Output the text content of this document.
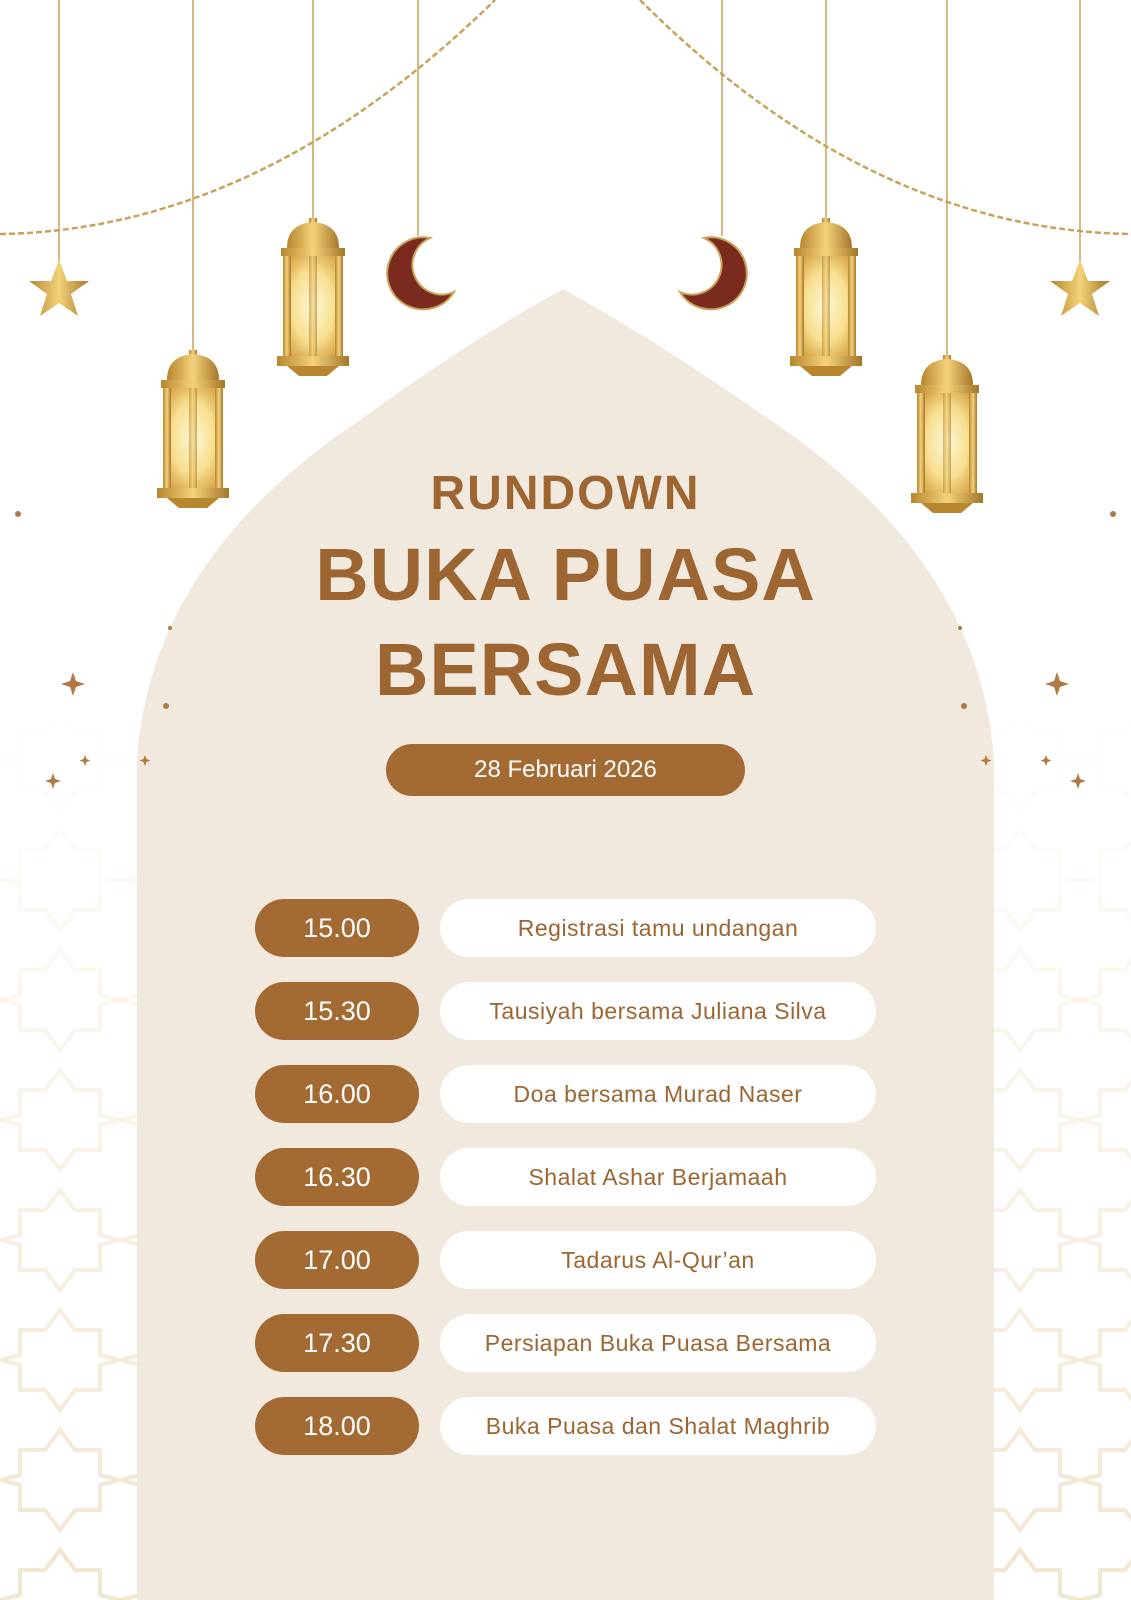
RUNDOWN
BUKA PUASA
BERSAMA
28 Februari 2026
15.00	Registrasi tamu undangan
15.30	Tausiyah bersama Juliana Silva
16.00	Doa bersama Murad Naser
16.30	Shalat Ashar Berjamaah
17.00	Tadarus Al-Qur’an
17.30	Persiapan Buka Puasa Bersama
18.00	Buka Puasa dan Shalat Maghrib
